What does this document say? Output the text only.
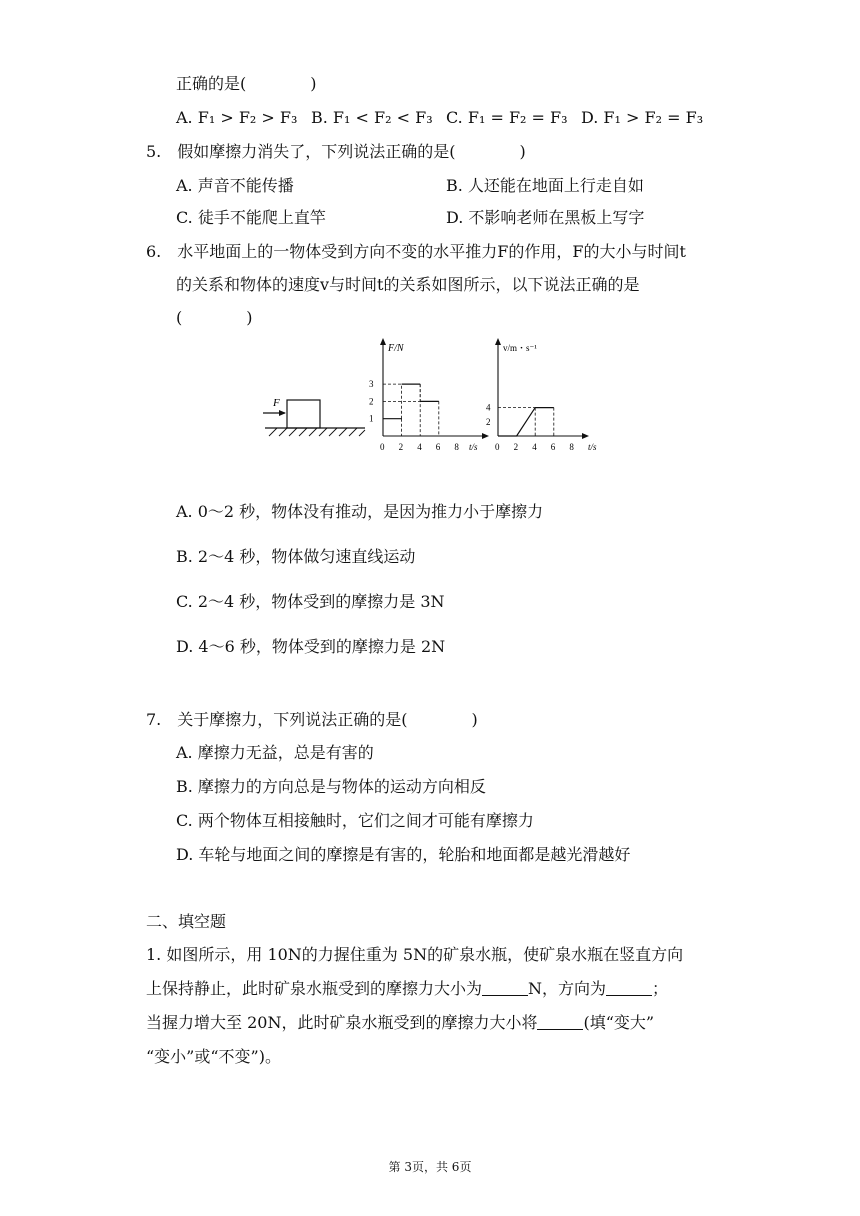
正确的是(　　　　)
A. F₁ > F₂ > F₃ B. F₁ < F₂ < F₃ C. F₁ = F₂ = F₃ D. F₁ > F₂ = F₃
5.　假如摩擦力消失了，下列说法正确的是(　　　　)
A. 声音不能传播	B. 人还能在地面上行走自如
C. 徒手不能爬上直竿	D. 不影响老师在黑板上写字
6.　水平地面上的一物体受到方向不变的水平推力F的作用，F的大小与时间t
的关系和物体的速度v与时间t的关系如图所示，以下说法正确的是
(　　　　)
F
F/N
t/s
0 2 4 6 8
1
2
3
v/m・s⁻¹
t/s
0 2 4 6 8
2
4
A. 0～2 秒，物体没有推动，是因为推力小于摩擦力
B. 2～4 秒，物体做匀速直线运动
C. 2～4 秒，物体受到的摩擦力是 3N
D. 4～6 秒，物体受到的摩擦力是 2N
7.　关于摩擦力，下列说法正确的是(　　　　)
A. 摩擦力无益，总是有害的
B. 摩擦力的方向总是与物体的运动方向相反
C. 两个物体互相接触时，它们之间才可能有摩擦力
D. 车轮与地面之间的摩擦是有害的，轮胎和地面都是越光滑越好
二、填空题
1. 如图所示，用 10N的力握住重为 5N的矿泉水瓶，使矿泉水瓶在竖直方向
上保持静止，此时矿泉水瓶受到的摩擦力大小为	N，方向为	；
当握力增大至 20N，此时矿泉水瓶受到的摩擦力大小将	(填“变大”
“变小”或“不变”)。
第 3页，共 6页
